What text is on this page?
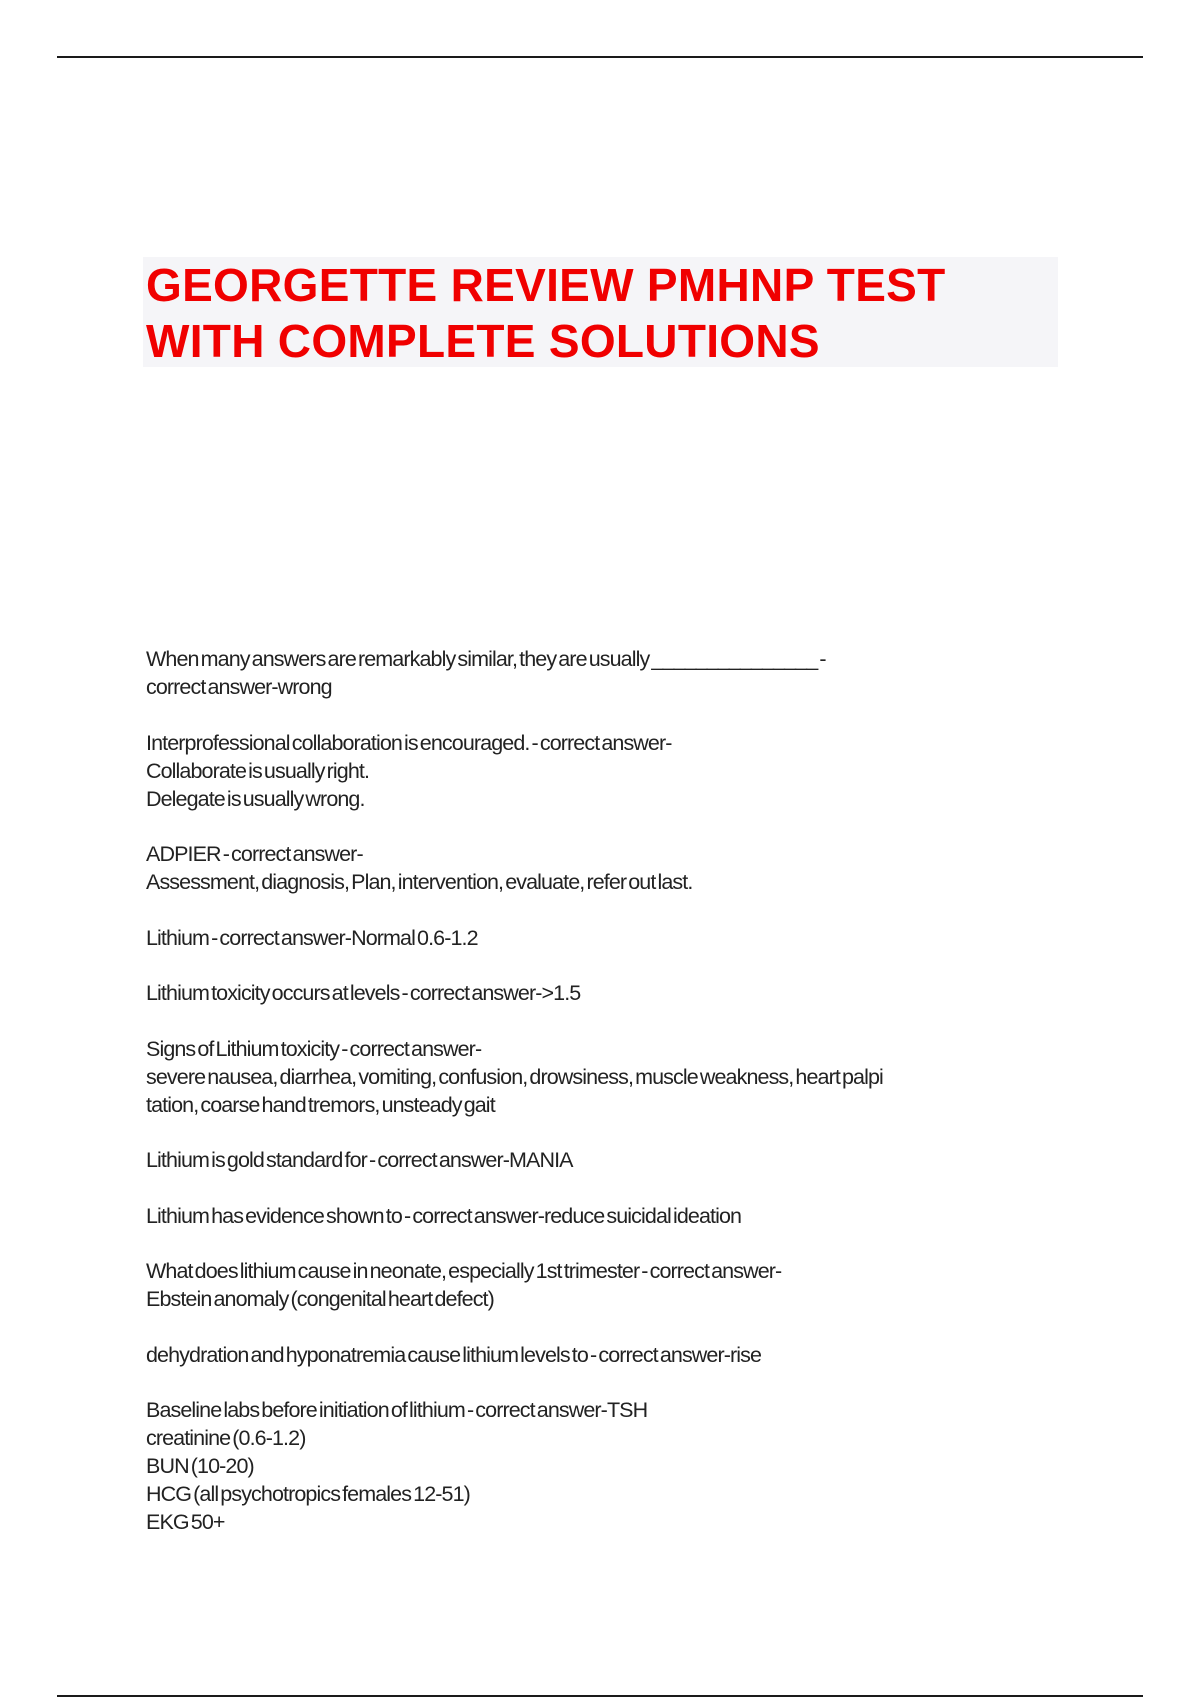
GEORGETTE REVIEW PMHNP TEST
WITH COMPLETE SOLUTIONS
When many answers are remarkably similar, they are usually _______________ -
correct answer-wrong
Interprofessional collaboration is encouraged. - correct answer-
Collaborate is usually right.
Delegate is usually wrong.
ADPIER - correct answer-
Assessment, diagnosis, Plan, intervention, evaluate, refer out last.
Lithium - correct answer-Normal 0.6-1.2
Lithium toxicity occurs at levels - correct answer->1.5
Signs of Lithium toxicity - correct answer-
severe nausea, diarrhea, vomiting, confusion, drowsiness, muscle weakness, heart palpi
tation, coarse hand tremors, unsteady gait
Lithium is gold standard for - correct answer-MANIA
Lithium has evidence shown to - correct answer-reduce suicidal ideation
What does lithium cause in neonate, especially 1st trimester - correct answer-
Ebstein anomaly (congenital heart defect)
dehydration and hyponatremia cause lithium levels to - correct answer-rise
Baseline labs before initiation of lithium - correct answer-TSH
creatinine (0.6-1.2)
BUN (10-20)
HCG (all psychotropics females 12-51)
EKG 50+
